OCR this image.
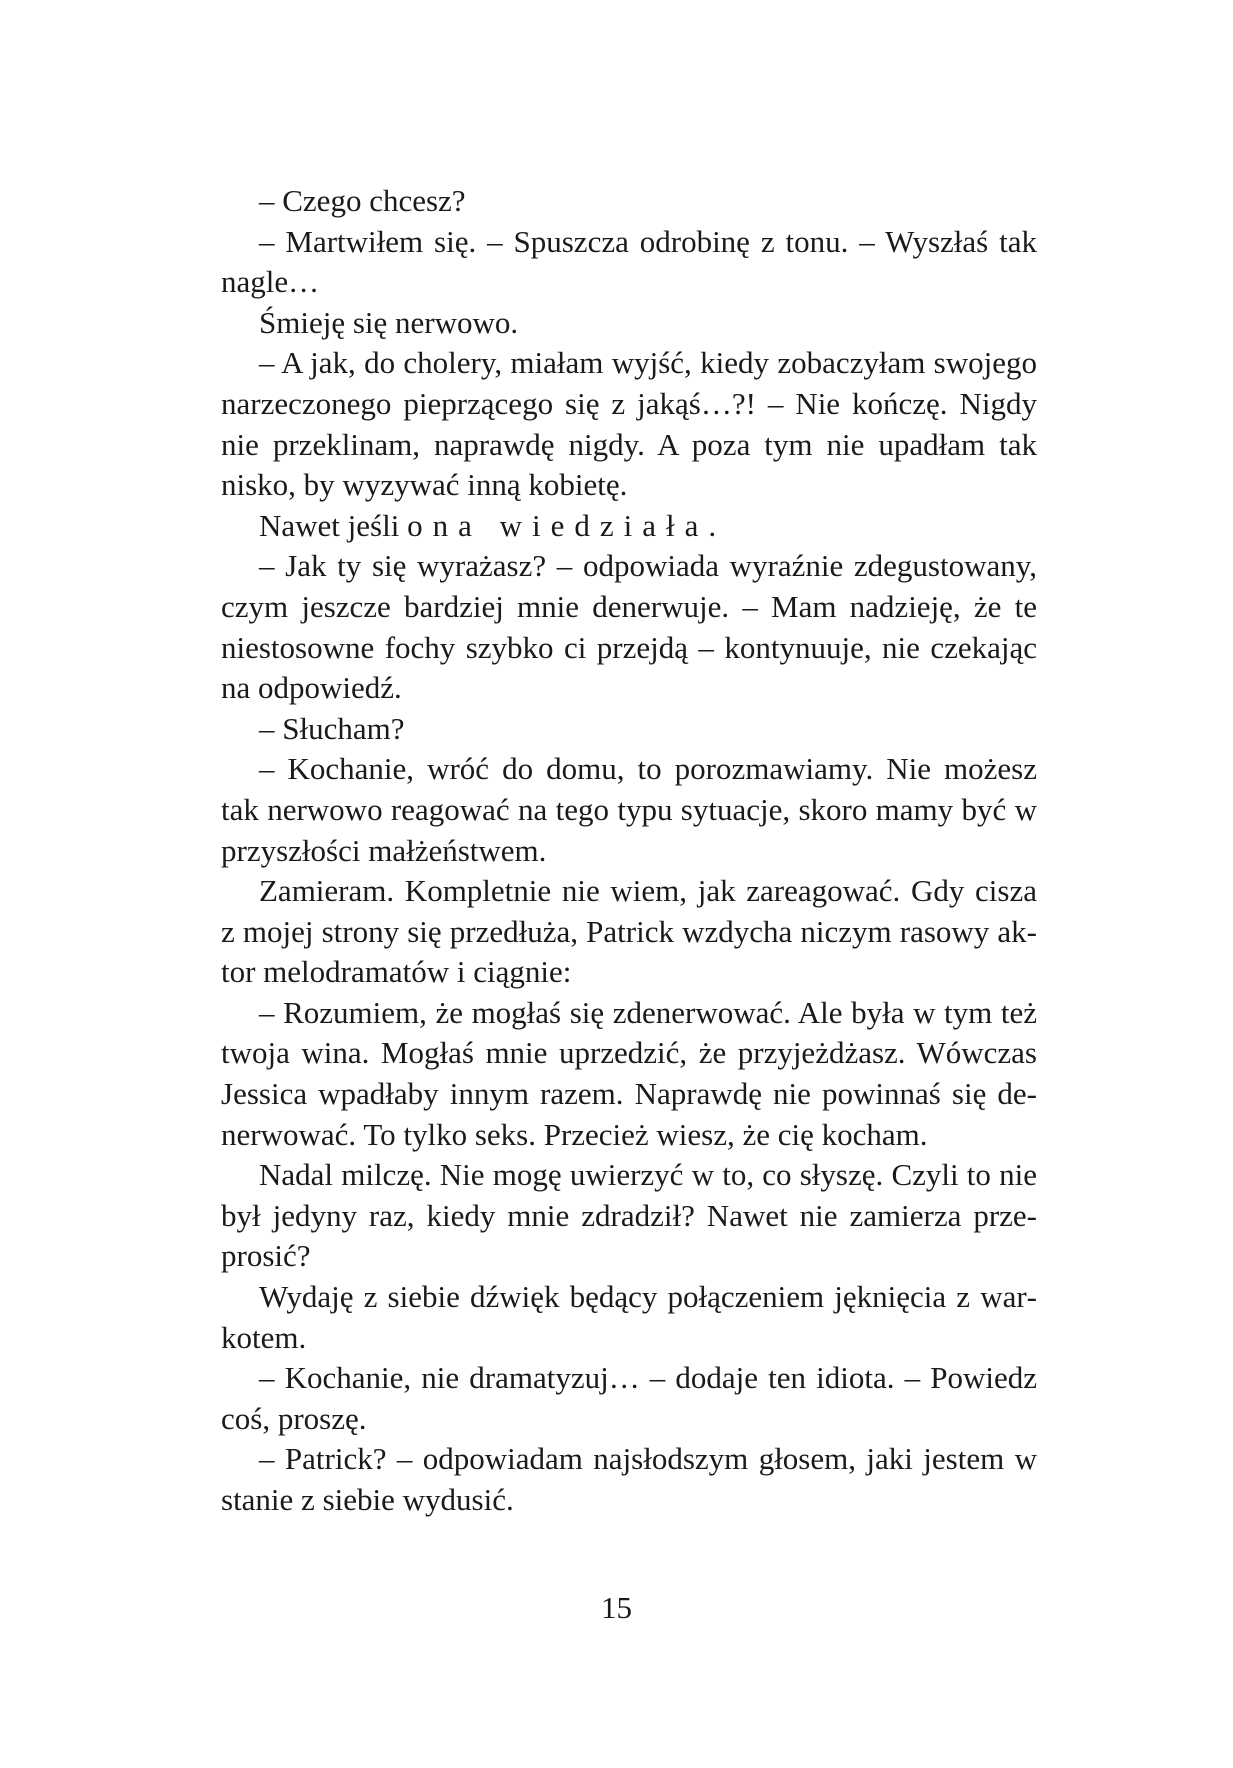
– Czego chcesz?

– Martwiłem się. – Spuszcza odrobinę z tonu. – Wyszłaś tak nagle…

Śmieję się nerwowo.

– A jak, do cholery, miałam wyjść, kiedy zobaczyłam swojego narzeczonego pieprzącego się z jakąś…?! – Nie kończę. Nigdy nie przeklinam, naprawdę nigdy. A poza tym nie upadłam tak nisko, by wyzywać inną kobietę.

Nawet jeśli ona wiedziała.

– Jak ty się wyrażasz? – odpowiada wyraźnie zdegustowany, czym jeszcze bardziej mnie denerwuje. – Mam nadzieję, że te niestosowne fochy szybko ci przejdą – kontynuuje, nie czekając na odpowiedź.

– Słucham?

– Kochanie, wróć do domu, to porozmawiamy. Nie możesz tak nerwowo reagować na tego typu sytuacje, skoro mamy być w przyszłości małżeństwem.

Zamieram. Kompletnie nie wiem, jak zareagować. Gdy cisza z mojej strony się przedłuża, Patrick wzdycha niczym rasowy aktor melodramatów i ciągnie:

– Rozumiem, że mogłaś się zdenerwować. Ale była w tym też twoja wina. Mogłaś mnie uprzedzić, że przyjeżdżasz. Wówczas Jessica wpadłaby innym razem. Naprawdę nie powinnaś się denerwować. To tylko seks. Przecież wiesz, że cię kocham.

Nadal milczę. Nie mogę uwierzyć w to, co słyszę. Czyli to nie był jedyny raz, kiedy mnie zdradził? Nawet nie zamierza przeprosić?

Wydaję z siebie dźwięk będący połączeniem jęknięcia z warkotem.

– Kochanie, nie dramatyzuj… – dodaje ten idiota. – Powiedz coś, proszę.

– Patrick? – odpowiadam najsłodszym głosem, jaki jestem w stanie z siebie wydusić.

15
